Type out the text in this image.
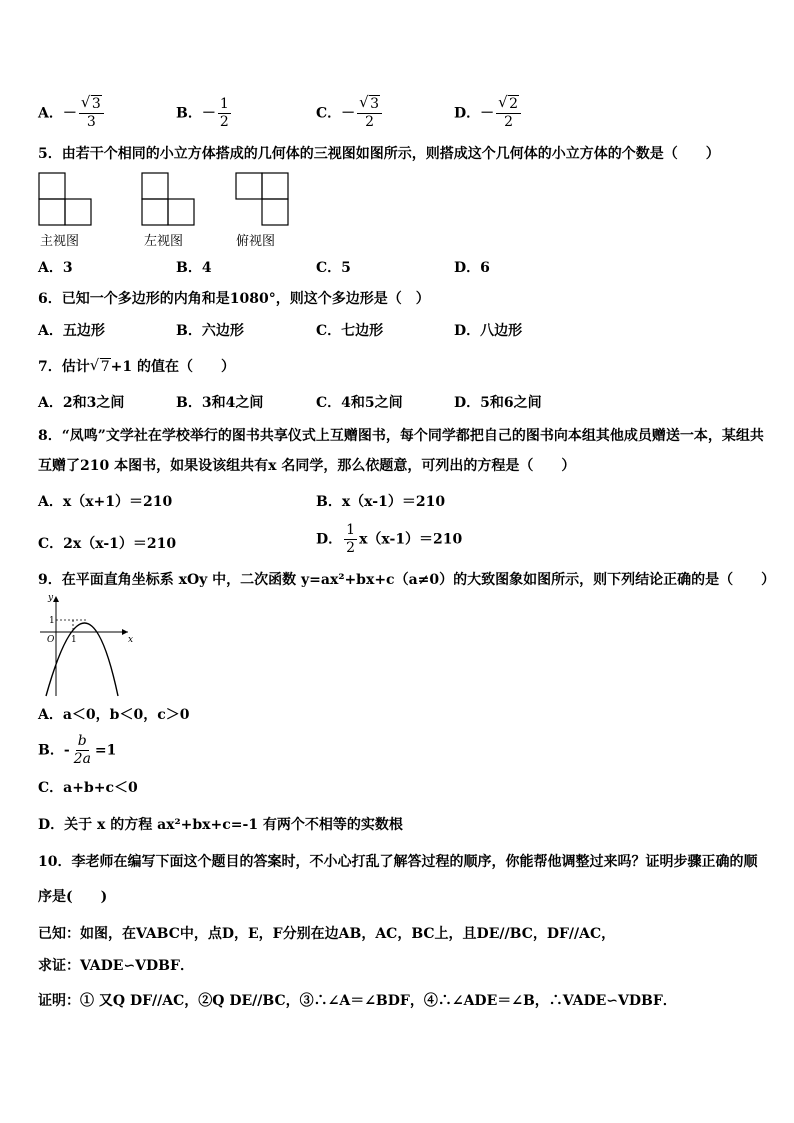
A．－ √ $\frac{3}{3}$	B．－ $\frac{1}{2}$	C．－ √ $\frac{3}{2}$	D．－ √ $\frac{2}{2}$
5．由若干个相同的小立方体搭成的几何体的三视图如图所示，则搭成这个几何体的小立方体的个数是（　　）
主视图	左视图	俯视图
A．3	B．4	C．5	D．6
6．已知一个多边形的内角和是1080°，则这个多边形是（　）
A．五边形	B．六边形	C．七边形	D．八边形
7．估计 √ 7+1 的值在（　　）
A．2和3之间	B．3和4之间	C．4和5之间	D．5和6之间
8．“凤鸣”文学社在学校举行的图书共享仪式上互赠图书，每个同学都把自己的图书向本组其他成员赠送一本，某组共
互赠了210 本图书，如果设该组共有x 名同学，那么依题意，可列出的方程是（　　）
A．x（x+1）＝210	B．x（x-1）＝210
C．2x（x-1）＝210	D． $\frac{1}{2} x(x-1)=210$
9．在平面直角坐标系 xOy 中，二次函数 y=ax²+bx+c（a≠0）的大致图象如图所示，则下列结论正确的是（　　）
y
x
O
1
1
A．a＜0，b＜0，c＞0
B．- $\frac{b}{2a} =1$
C．a+b+c＜0
D．关于 x 的方程 ax²+bx+c=-1 有两个不相等的实数根
10．李老师在编写下面这个题目的答案时，不小心打乱了解答过程的顺序，你能帮他调整过来吗？证明步骤正确的顺
序是(　　)
已知：如图，在VABC中，点D，E，F分别在边AB，AC，BC上，且DE//BC，DF//AC，
求证：VADE∽VDBF．
证明：① 又Q DF//AC，②Q DE//BC，③∴∠A＝∠BDF，④∴∠ADE＝∠B，∴VADE∽VDBF．
